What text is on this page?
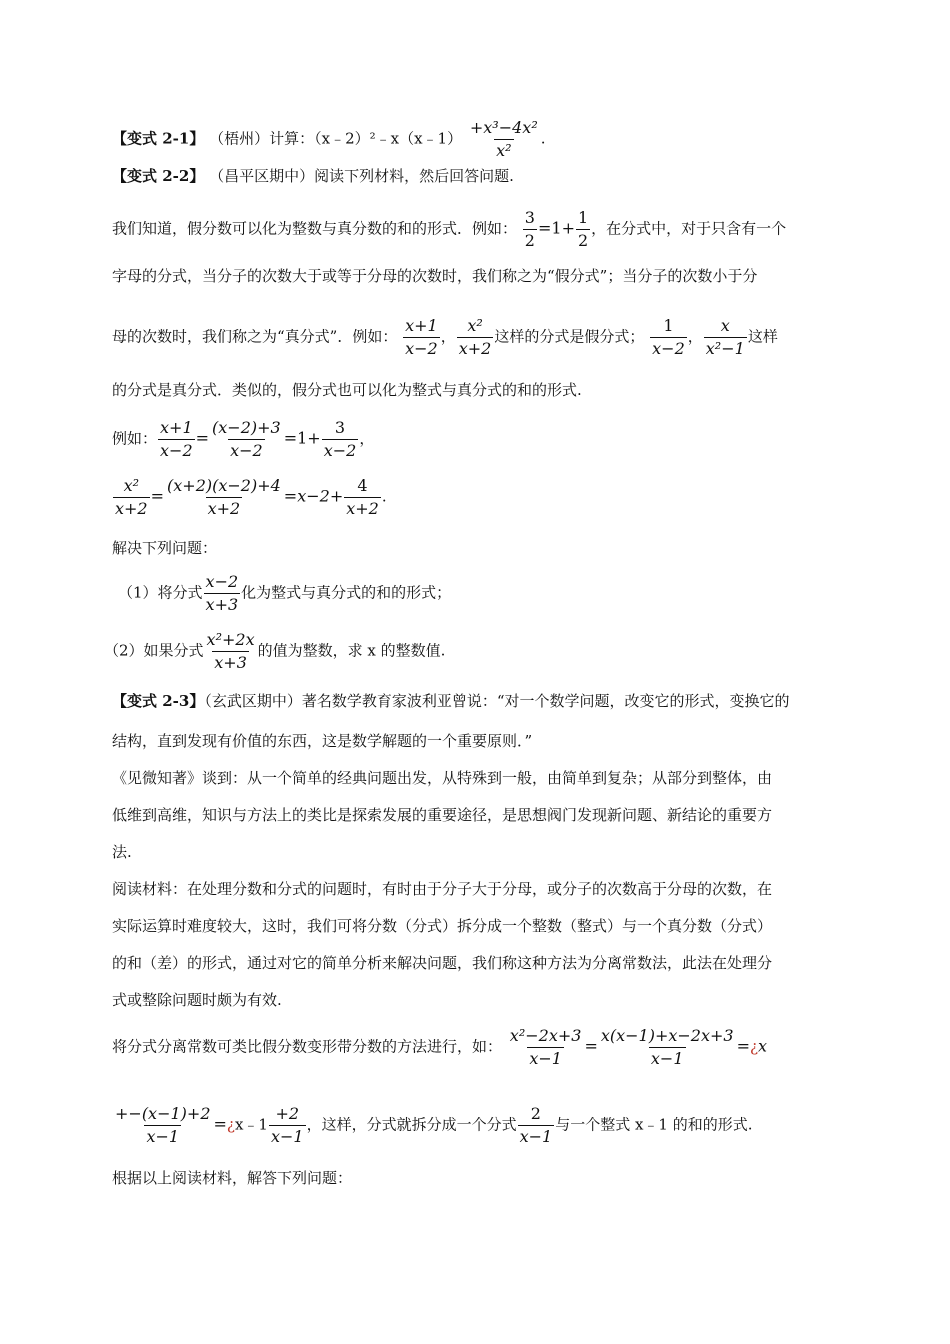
【变式 2-1】 （梧州）计算：（x﹣2）²﹣x（x﹣1） $\frac{\text{+x³−4x²}}{\text{x²}}$ .
【变式 2-2】 （昌平区期中）阅读下列材料，然后回答问题.
我们知道，假分数可以化为整数与真分数的和的形式．例如： $\frac{3}{2} =1+ \frac{1}{2}$ ，在分式中，对于只含有一个
字母的分式，当分子的次数大于或等于分母的次数时，我们称之为“假分式”；当分子的次数小于分
母的次数时，我们称之为“真分式”．例如： $\frac{x+1}{x-2}$ ， $\frac{\text{x²}}{x+2}$ 这样的分式是假分式； $\frac{1}{x-2}$ ， $\frac{x}{\text{x²−1}}$ 这样
的分式是真分式．类似的，假分式也可以化为整式与真分式的和的形式.
例如： $\frac{x+1}{x-2} = \frac{(x-2)+3}{x-2} =1+ \frac{3}{x-2}$ ，
$\frac{\text{x²}}{x+2} = \frac{(x+2)(x-2)+4}{x+2} =x-2+ \frac{4}{x+2}$ .
解决下列问题：
（1）将分式 $\frac{x-2}{x+3}$ 化为整式与真分式的和的形式；
（2）如果分式 $\frac{\text{x²+2x}}{x+3}$ 的值为整数，求 x 的整数值.
【变式 2-3】（玄武区期中）著名数学教育家波利亚曾说：“对一个数学问题，改变它的形式，变换它的
结构，直到发现有价值的东西，这是数学解题的一个重要原则．”
《见微知著》谈到：从一个简单的经典问题出发，从特殊到一般，由简单到复杂；从部分到整体，由
低维到高维，知识与方法上的类比是探索发展的重要途径，是思想阀门发现新问题、新结论的重要方
法.
阅读材料：在处理分数和分式的问题时，有时由于分子大于分母，或分子的次数高于分母的次数，在
实际运算时难度较大，这时，我们可将分数（分式）拆分成一个整数（整式）与一个真分数（分式）
的和（差）的形式，通过对它的简单分析来解决问题，我们称这种方法为分离常数法，此法在处理分
式或整除问题时颇为有效.
将分式分离常数可类比假分数变形带分数的方法进行，如： $\frac{\text{x²−2x+3}}{x-1} = \frac{x(x-1)+x-2x+3}{x-1}$ =¿x
$\frac{+-(x-1)+2}{x-1}$ =¿x﹣1 $\frac{+2}{x-1}$ ，这样，分式就拆分成一个分式 $\frac{2}{x-1}$ 与一个整式 x﹣1 的和的形式.
根据以上阅读材料，解答下列问题：
